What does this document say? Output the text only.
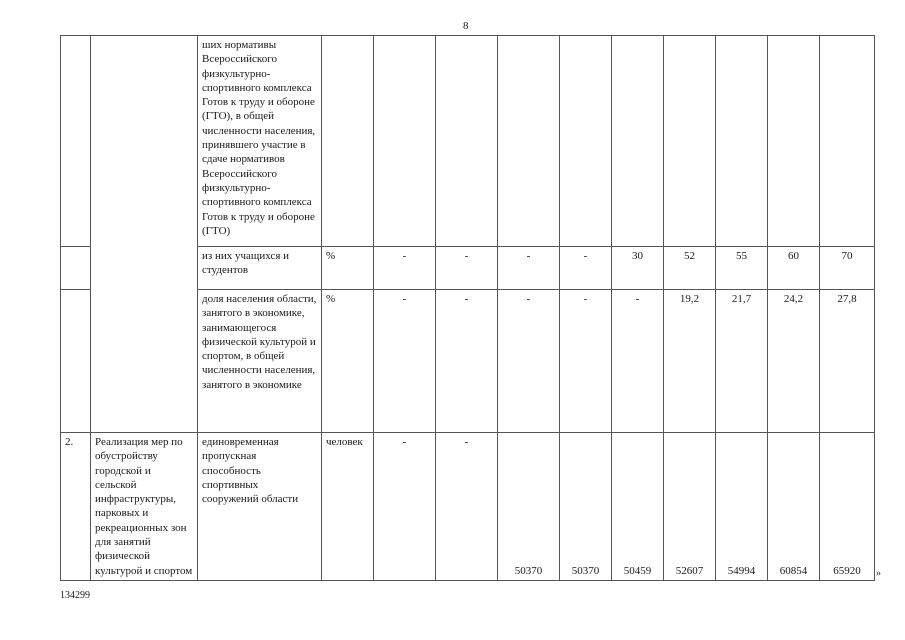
8
		ших нормативы Всероссийского физкультурно-спортивного комплекса Готов к труду и обороне (ГТО), в общей численности населения, принявшего участие в сдаче нормативов Всероссийского физкультурно-спортивного комплекса Готов к труду и обороне (ГТО)										
		из них учащихся и студентов	%	-	-	-	-	30	52	55	60	70
		доля населения области, занятого в экономике, занимающегося физической культурой и спортом, в общей численности населения, занятого в экономике	%	-	-	-	-	-	19,2	21,7	24,2	27,8
2.	Реализация мер по обустройству городской и сельской инфраструктуры, парковых и рекреационных зон для занятий физической культурой и спортом	единовременная пропускная способность спортивных сооружений области	человек	-	-	50370	50370	50459	52607	54994	60854	65920 »
134299
